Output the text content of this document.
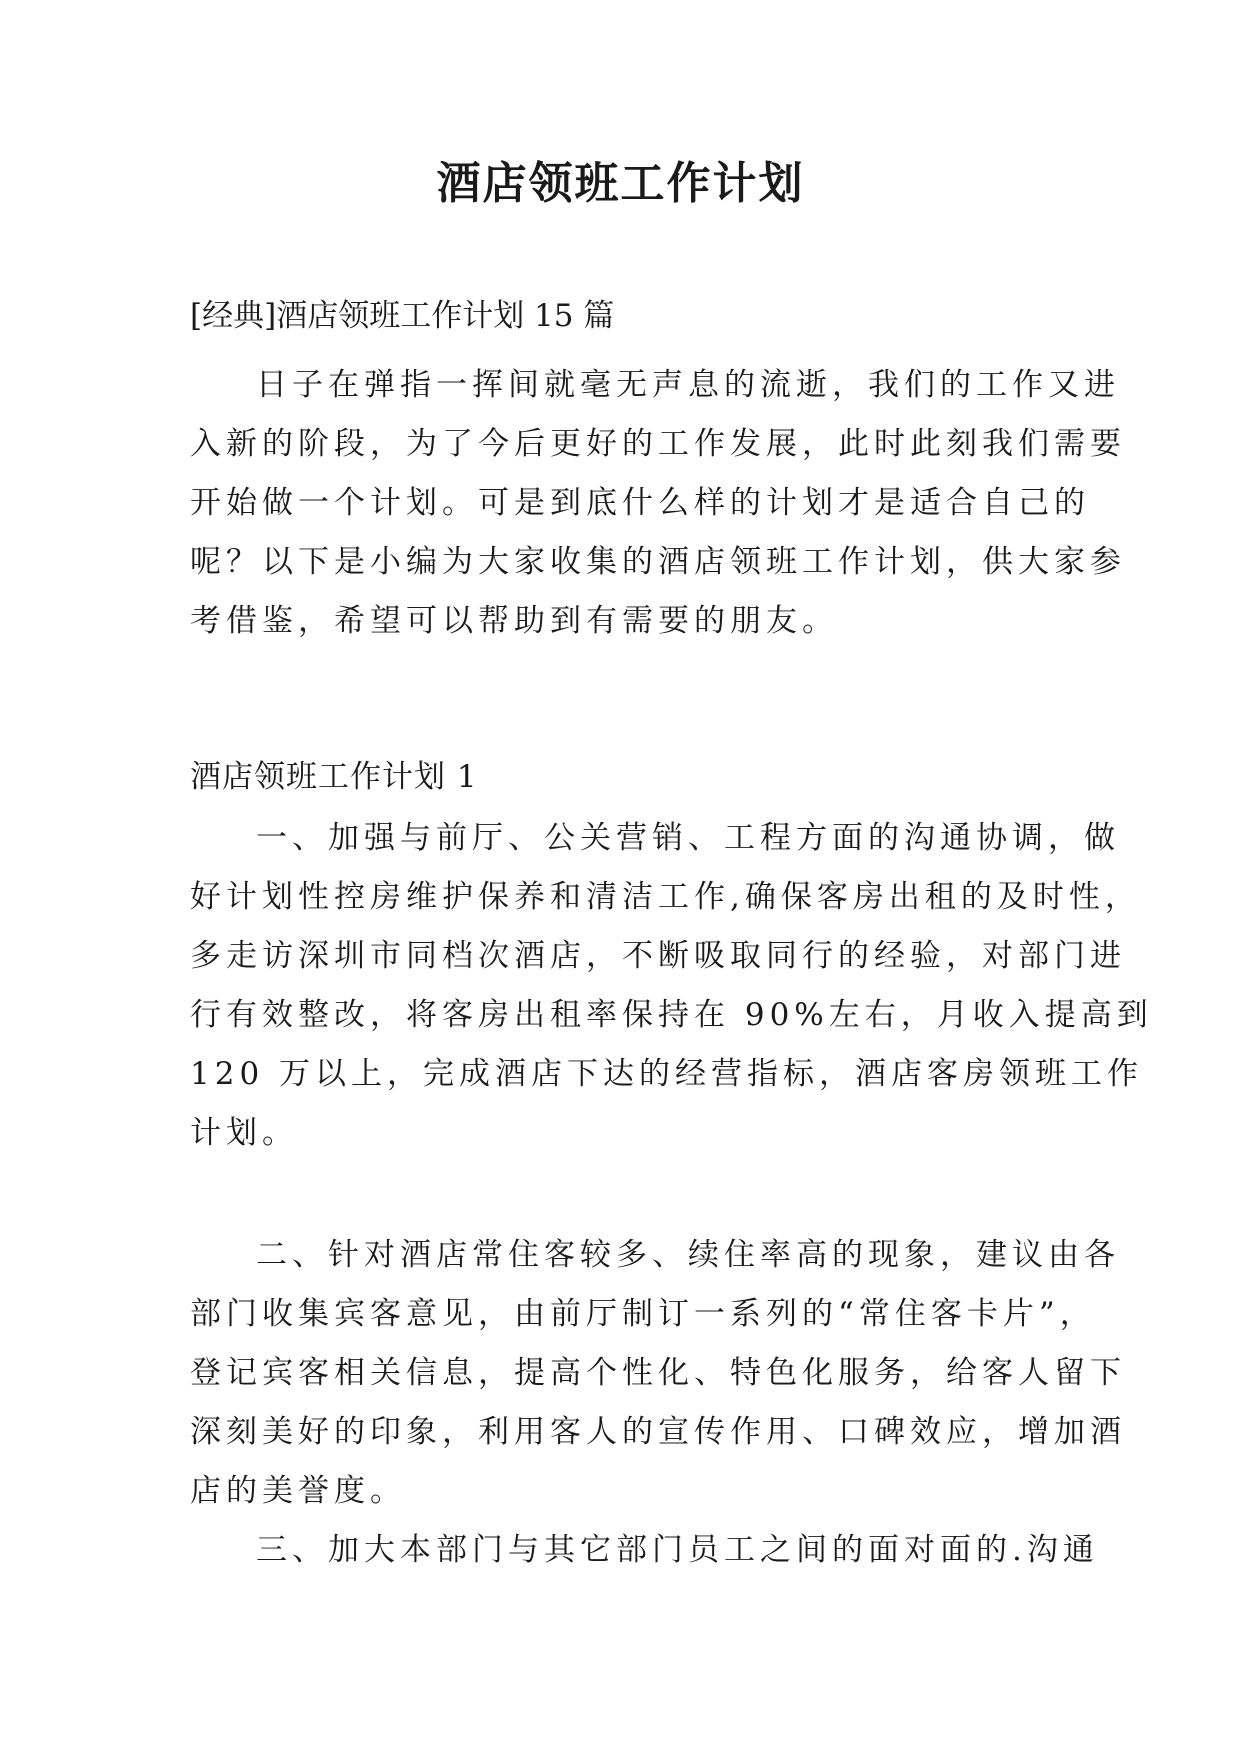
酒店领班工作计划

[经典]酒店领班工作计划 15 篇

日子在弹指一挥间就毫无声息的流逝，我们的工作又进
入新的阶段，为了今后更好的工作发展，此时此刻我们需要
开始做一个计划。可是到底什么样的计划才是适合自己的
呢？以下是小编为大家收集的酒店领班工作计划，供大家参
考借鉴，希望可以帮助到有需要的朋友。

酒店领班工作计划 1

一、加强与前厅、公关营销、工程方面的沟通协调，做
好计划性控房维护保养和清洁工作,确保客房出租的及时性，
多走访深圳市同档次酒店，不断吸取同行的经验，对部门进
行有效整改，将客房出租率保持在 90%左右，月收入提高到
120 万以上，完成酒店下达的经营指标，酒店客房领班工作
计划。
二、针对酒店常住客较多、续住率高的现象，建议由各
部门收集宾客意见，由前厅制订一系列的“常住客卡片”，
登记宾客相关信息，提高个性化、特色化服务，给客人留下
深刻美好的印象，利用客人的宣传作用、口碑效应，增加酒
店的美誉度。
三、加大本部门与其它部门员工之间的面对面的.沟通
